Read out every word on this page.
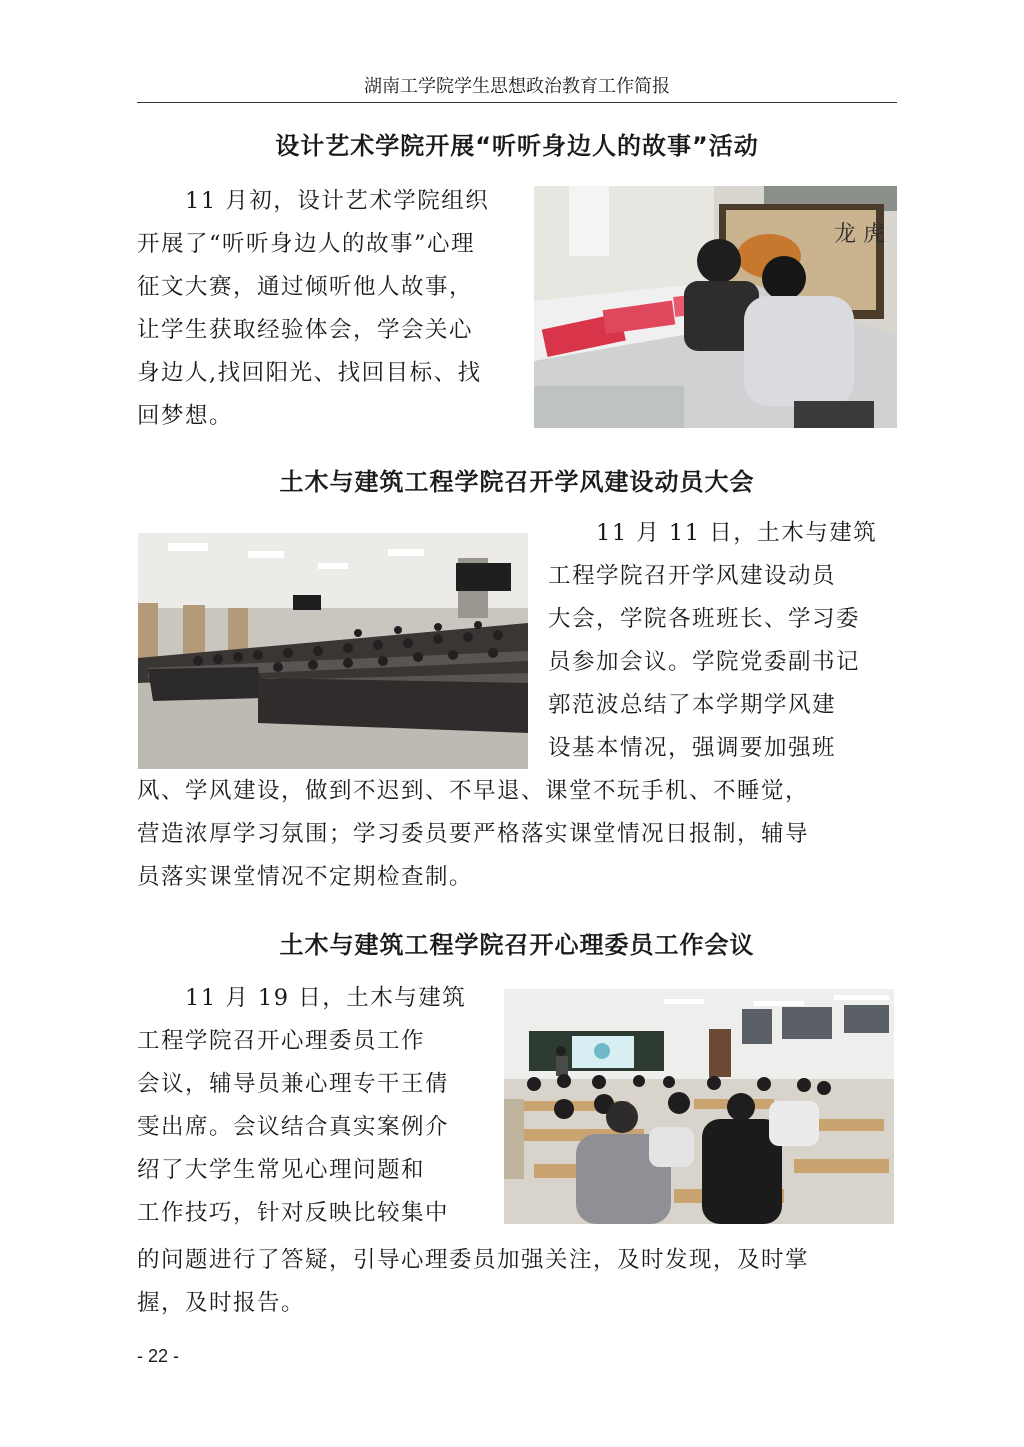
湖南工学院学生思想政治教育工作简报
设计艺术学院开展“听听身边人的故事”活动
　　11 月初，设计艺术学院组织
开展了“听听身边人的故事”心理
征文大赛，通过倾听他人故事，
让学生获取经验体会，学会关心
身边人,找回阳光、找回目标、找
回梦想。
龙 虎
土木与建筑工程学院召开学风建设动员大会
　　11 月 11 日，土木与建筑
工程学院召开学风建设动员
大会，学院各班班长、学习委
员参加会议。学院党委副书记
郭范波总结了本学期学风建
设基本情况，强调要加强班
风、学风建设，做到不迟到、不早退、课堂不玩手机、不睡觉，
营造浓厚学习氛围；学习委员要严格落实课堂情况日报制，辅导
员落实课堂情况不定期检查制。
土木与建筑工程学院召开心理委员工作会议
　　11 月 19 日，土木与建筑
工程学院召开心理委员工作
会议，辅导员兼心理专干王倩
雯出席。会议结合真实案例介
绍了大学生常见心理问题和
工作技巧，针对反映比较集中
的问题进行了答疑，引导心理委员加强关注，及时发现，及时掌
握，及时报告。
- 22 -
